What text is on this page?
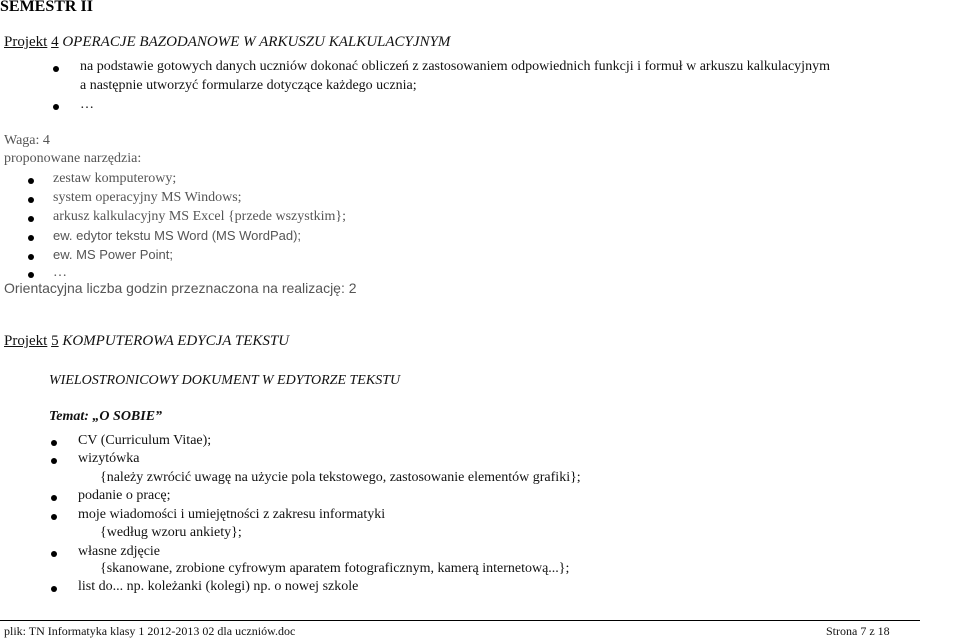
SEMESTR II
Projekt 4 OPERACJE BAZODANOWE W ARKUSZU KALKULACYJNYM
na podstawie gotowych danych uczniów dokonać obliczeń z zastosowaniem odpowiednich funkcji i formuł w arkuszu kalkulacyjnym
a następnie utworzyć formularze dotyczące każdego ucznia;
…
Waga: 4
proponowane narzędzia:
zestaw komputerowy;
system operacyjny MS Windows;
arkusz kalkulacyjny MS Excel {przede wszystkim};
ew. edytor tekstu MS Word (MS WordPad);
ew. MS Power Point;
…
Orientacyjna liczba godzin przeznaczona na realizację: 2
Projekt 5 KOMPUTEROWA EDYCJA TEKSTU
WIELOSTRONICOWY DOKUMENT W EDYTORZE TEKSTU
Temat: „O SOBIE”
CV (Curriculum Vitae);
wizytówka
{należy zwrócić uwagę na użycie pola tekstowego, zastosowanie elementów grafiki};
podanie o pracę;
moje wiadomości i umiejętności z zakresu informatyki
{według wzoru ankiety};
własne zdjęcie
{skanowane, zrobione cyfrowym aparatem fotograficznym, kamerą internetową...};
list do... np. koleżanki (kolegi) np. o nowej szkole
plik: TN Informatyka klasy 1 2012-2013 02 dla uczniów.doc	Strona 7 z 18
